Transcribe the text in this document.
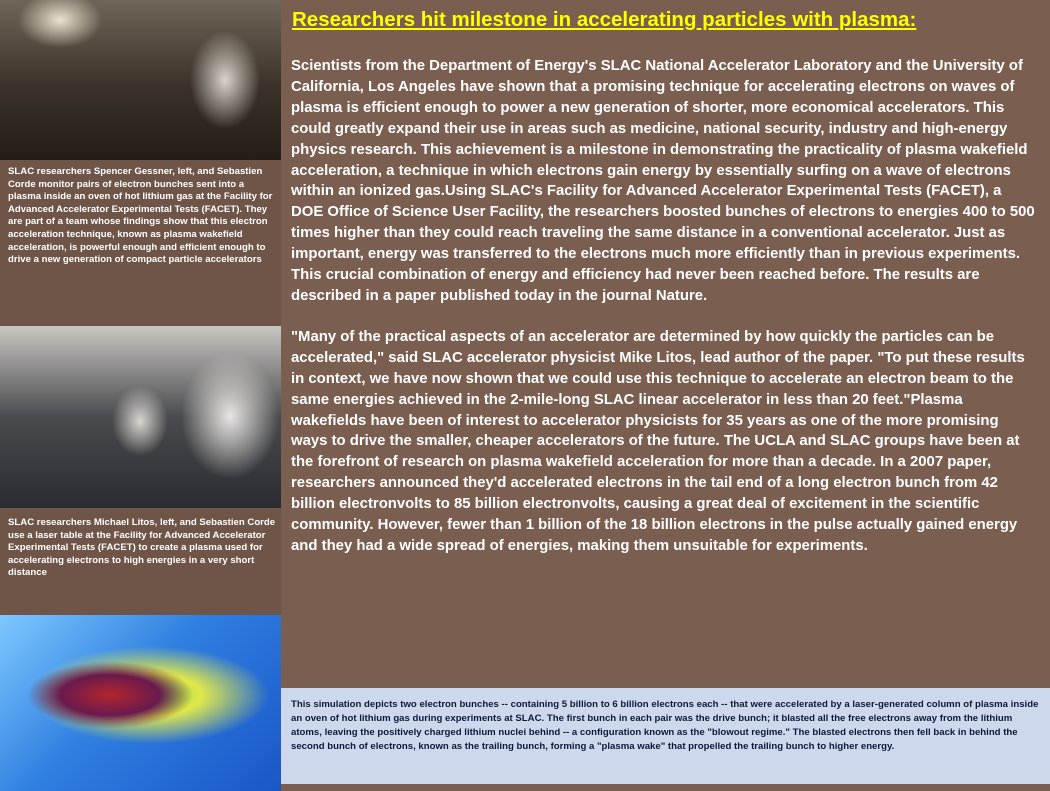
SLAC researchers Spencer Gessner, left, and Sebastien Corde monitor pairs of electron bunches sent into a plasma inside an oven of hot lithium gas at the Facility for Advanced Accelerator Experimental Tests (FACET). They are part of a team whose findings show that this electron acceleration technique, known as plasma wakefield acceleration, is powerful enough and efficient enough to drive a new generation of compact particle accelerators
SLAC researchers Michael Litos, left, and Sebastien Corde use a laser table at the Facility for Advanced Accelerator Experimental Tests (FACET) to create a plasma used for accelerating electrons to high energies in a very short distance
Researchers hit milestone in accelerating particles with plasma:

Scientists from the Department of Energy's SLAC National Accelerator Laboratory and the University of California, Los Angeles have shown that a promising technique for accelerating electrons on waves of plasma is efficient enough to power a new generation of shorter, more economical accelerators. This could greatly expand their use in areas such as medicine, national security, industry and high-energy physics research. This achievement is a milestone in demonstrating the practicality of plasma wakefield acceleration, a technique in which electrons gain energy by essentially surfing on a wave of electrons within an ionized gas.Using SLAC's Facility for Advanced Accelerator Experimental Tests (FACET), a DOE Office of Science User Facility, the researchers boosted bunches of electrons to energies 400 to 500 times higher than they could reach traveling the same distance in a conventional accelerator. Just as important, energy was transferred to the electrons much more efficiently than in previous experiments. This crucial combination of energy and efficiency had never been reached before. The results are described in a paper published today in the journal Nature.

"Many of the practical aspects of an accelerator are determined by how quickly the particles can be accelerated," said SLAC accelerator physicist Mike Litos, lead author of the paper. "To put these results in context, we have now shown that we could use this technique to accelerate an electron beam to the same energies achieved in the 2-mile-long SLAC linear accelerator in less than 20 feet."Plasma wakefields have been of interest to accelerator physicists for 35 years as one of the more promising ways to drive the smaller, cheaper accelerators of the future. The UCLA and SLAC groups have been at the forefront of research on plasma wakefield acceleration for more than a decade. In a 2007 paper, researchers announced they'd accelerated electrons in the tail end of a long electron bunch from 42 billion electronvolts to 85 billion electronvolts, causing a great deal of excitement in the scientific community. However, fewer than 1 billion of the 18 billion electrons in the pulse actually gained energy and they had a wide spread of energies, making them unsuitable for experiments.

This simulation depicts two electron bunches -- containing 5 billion to 6 billion electrons each -- that were accelerated by a laser-generated column of plasma inside an oven of hot lithium gas during experiments at SLAC. The first bunch in each pair was the drive bunch; it blasted all the free electrons away from the lithium atoms, leaving the positively charged lithium nuclei behind -- a configuration known as the "blowout regime." The blasted electrons then fell back in behind the second bunch of electrons, known as the trailing bunch, forming a "plasma wake" that propelled the trailing bunch to higher energy.
